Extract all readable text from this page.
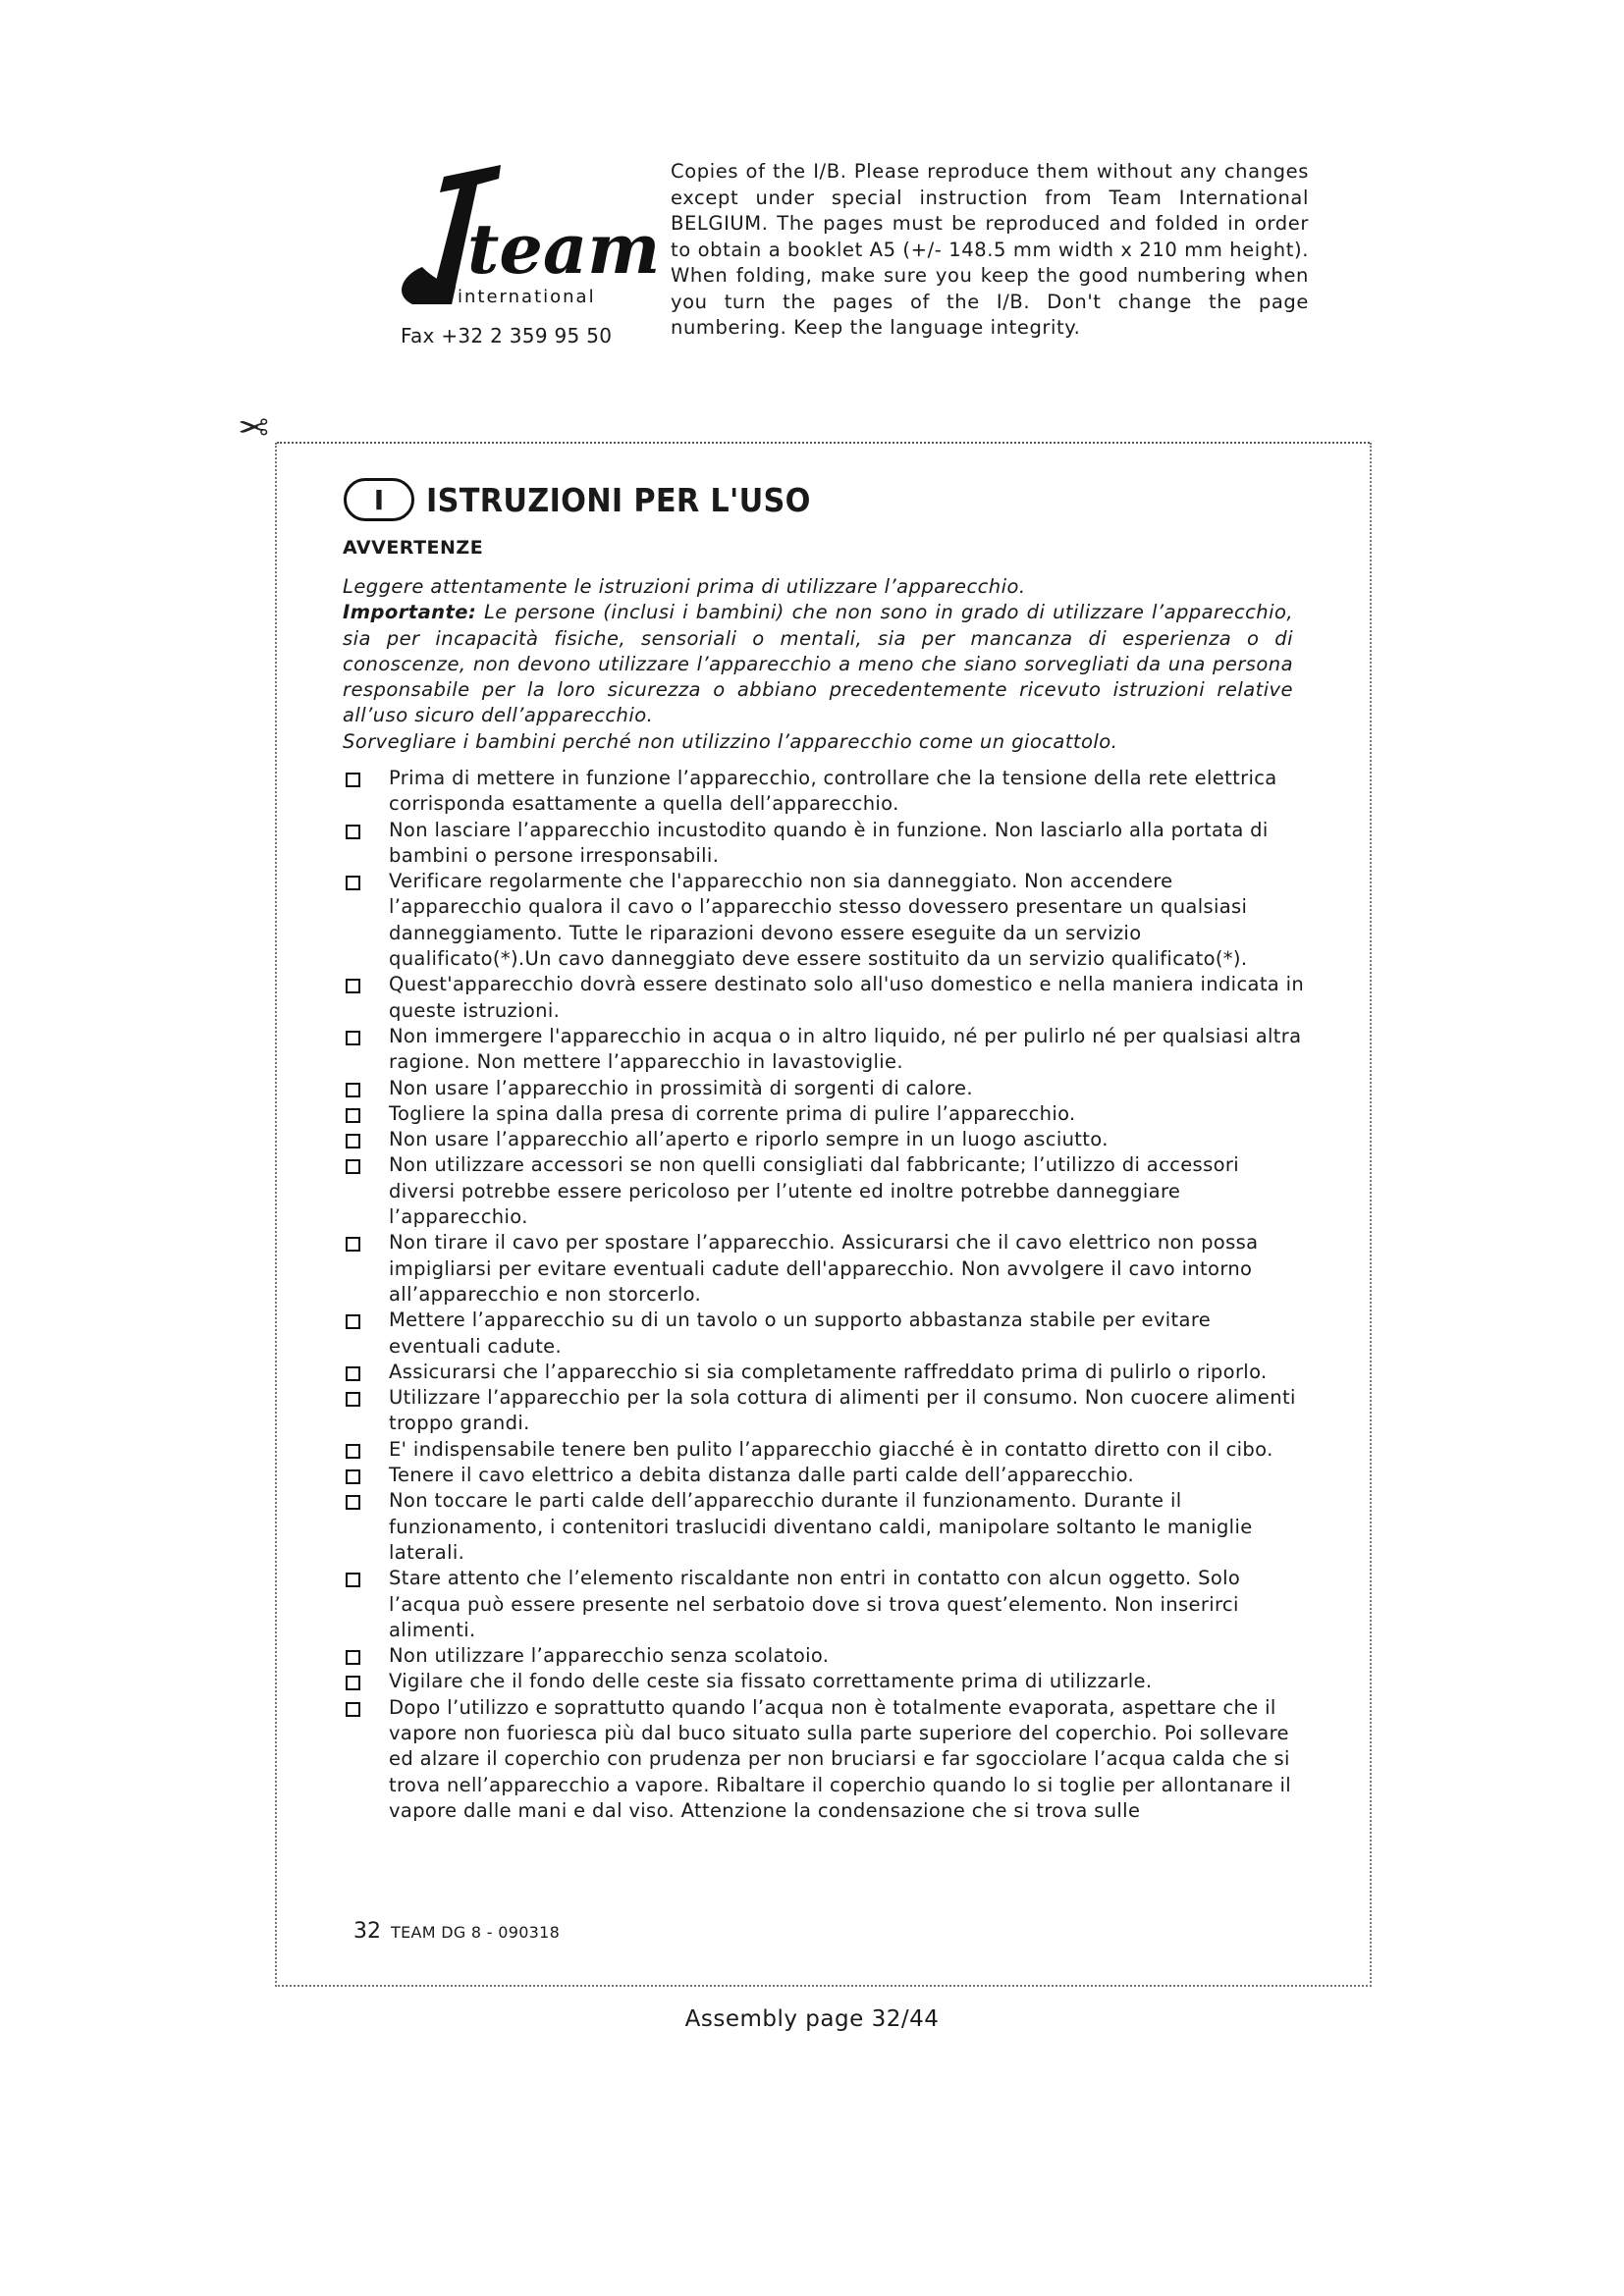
team
international
Fax +32 2 359 95 50
Copies of the I/B. Please reproduce them without any changes except under special instruction from Team International BELGIUM. The pages must be reproduced and folded in order to obtain a booklet A5 (+/- 148.5 mm width x 210 mm height). When folding, make sure you keep the good numbering when you turn the pages of the I/B. Don't change the page numbering. Keep the language integrity.
✂
I	ISTRUZIONI PER L'USO
AVVERTENZE

Leggere attentamente le istruzioni prima di utilizzare l’apparecchio.

Importante: Le persone (inclusi i bambini) che non sono in grado di utilizzare l’apparecchio, sia per incapacità fisiche, sensoriali o mentali, sia per mancanza di esperienza o di conoscenze, non devono utilizzare l’apparecchio a meno che siano sorvegliati da una persona responsabile per la loro sicurezza o abbiano precedentemente ricevuto istruzioni relative all’uso sicuro dell’apparecchio.

Sorvegliare i bambini perché non utilizzino l’apparecchio come un giocattolo.

Prima di mettere in funzione l’apparecchio, controllare che la tensione della rete elettrica corrisponda esattamente a quella dell’apparecchio.
Non lasciare l’apparecchio incustodito quando è in funzione. Non lasciarlo alla portata di bambini o persone irresponsabili.
Verificare regolarmente che l'apparecchio non sia danneggiato. Non accendere l’apparecchio qualora il cavo o l’apparecchio stesso dovessero presentare un qualsiasi danneggiamento. Tutte le riparazioni devono essere eseguite da un servizio qualificato(*).Un cavo danneggiato deve essere sostituito da un servizio qualificato(*).
Quest'apparecchio dovrà essere destinato solo all'uso domestico e nella maniera indicata in queste istruzioni.
Non immergere l'apparecchio in acqua o in altro liquido, né per pulirlo né per qualsiasi altra ragione. Non mettere l’apparecchio in lavastoviglie.
Non usare l’apparecchio in prossimità di sorgenti di calore.
Togliere la spina dalla presa di corrente prima di pulire l’apparecchio.
Non usare l’apparecchio all’aperto e riporlo sempre in un luogo asciutto.
Non utilizzare accessori se non quelli consigliati dal fabbricante; l’utilizzo di accessori diversi potrebbe essere pericoloso per l’utente ed inoltre potrebbe danneggiare l’apparecchio.
Non tirare il cavo per spostare l’apparecchio. Assicurarsi che il cavo elettrico non possa impigliarsi per evitare eventuali cadute dell'apparecchio. Non avvolgere il cavo intorno all’apparecchio e non storcerlo.
Mettere l’apparecchio su di un tavolo o un supporto abbastanza stabile per evitare eventuali cadute.
Assicurarsi che l’apparecchio si sia completamente raffreddato prima di pulirlo o riporlo.
Utilizzare l’apparecchio per la sola cottura di alimenti per il consumo. Non cuocere alimenti troppo grandi.
E' indispensabile tenere ben pulito l’apparecchio giacché è in contatto diretto con il cibo.
Tenere il cavo elettrico a debita distanza dalle parti calde dell’apparecchio.
Non toccare le parti calde dell’apparecchio durante il funzionamento. Durante il funzionamento, i contenitori traslucidi diventano caldi, manipolare soltanto le maniglie laterali.
Stare attento che l’elemento riscaldante non entri in contatto con alcun oggetto. Solo l’acqua può essere presente nel serbatoio dove si trova quest’elemento. Non inserirci alimenti.
Non utilizzare l’apparecchio senza scolatoio.
Vigilare che il fondo delle ceste sia fissato correttamente prima di utilizzarle.
Dopo l’utilizzo e soprattutto quando l’acqua non è totalmente evaporata, aspettare che il vapore non fuoriesca più dal buco situato sulla parte superiore del coperchio. Poi sollevare ed alzare il coperchio con prudenza per non bruciarsi e far sgocciolare l’acqua calda che si trova nell’apparecchio a vapore. Ribaltare il coperchio quando lo si toglie per allontanare il vapore dalle mani e dal viso. Attenzione la condensazione che si trova sulle
32 TEAM DG 8 - 090318
Assembly page 32/44
